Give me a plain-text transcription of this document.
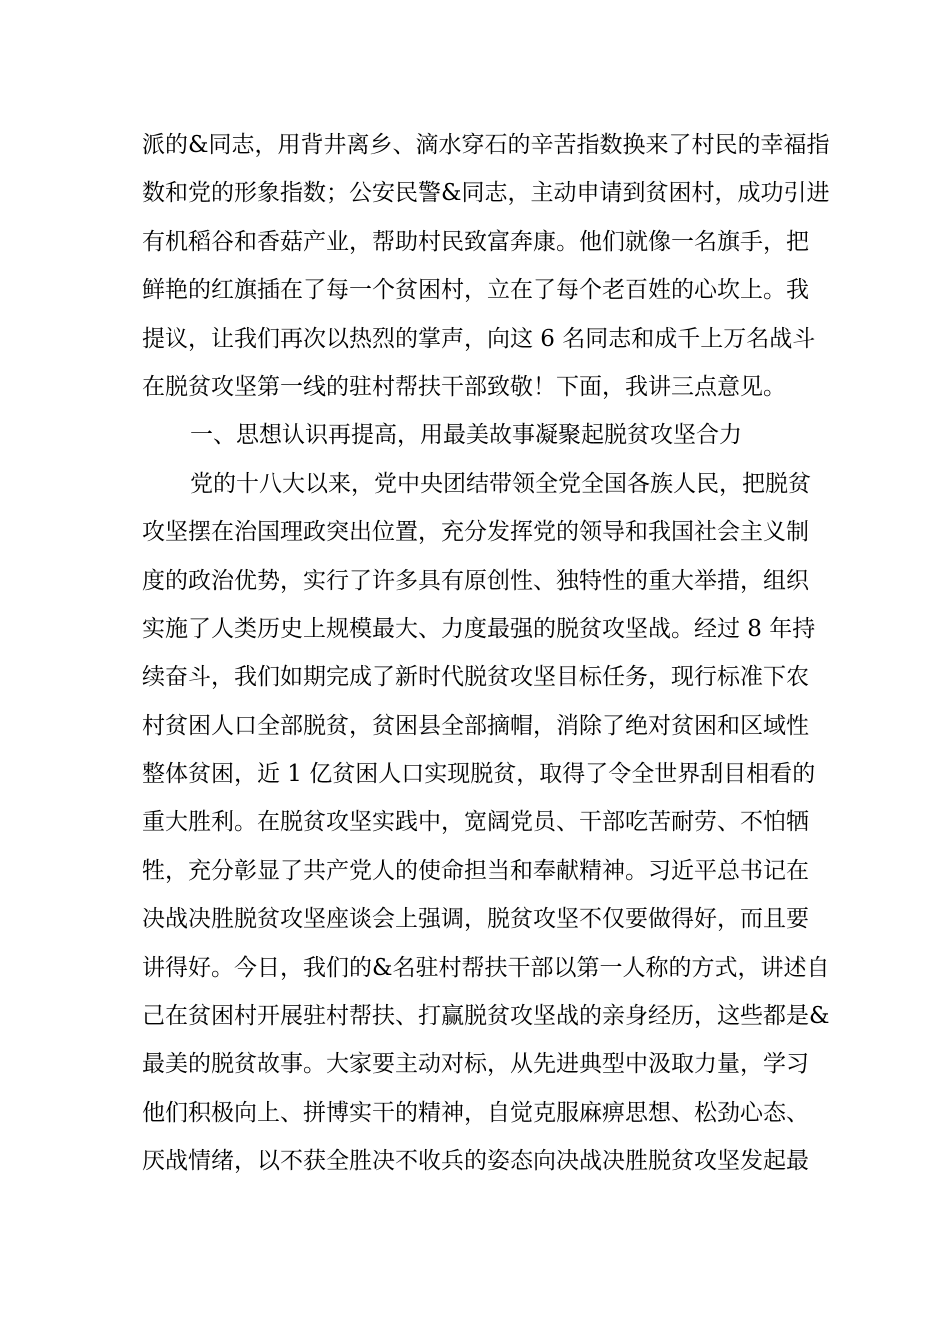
派的&同志，用背井离乡、滴水穿石的辛苦指数换来了村民的幸福指
数和党的形象指数；公安民警&同志，主动申请到贫困村，成功引进
有机稻谷和香菇产业，帮助村民致富奔康。他们就像一名旗手，把
鲜艳的红旗插在了每一个贫困村，立在了每个老百姓的心坎上。我
提议，让我们再次以热烈的掌声，向这 6 名同志和成千上万名战斗
在脱贫攻坚第一线的驻村帮扶干部致敬！下面，我讲三点意见。
一、思想认识再提高，用最美故事凝聚起脱贫攻坚合力
党的十八大以来，党中央团结带领全党全国各族人民，把脱贫
攻坚摆在治国理政突出位置，充分发挥党的领导和我国社会主义制
度的政治优势，实行了许多具有原创性、独特性的重大举措，组织
实施了人类历史上规模最大、力度最强的脱贫攻坚战。经过 8 年持
续奋斗，我们如期完成了新时代脱贫攻坚目标任务，现行标准下农
村贫困人口全部脱贫，贫困县全部摘帽，消除了绝对贫困和区域性
整体贫困，近 1 亿贫困人口实现脱贫，取得了令全世界刮目相看的
重大胜利。在脱贫攻坚实践中，宽阔党员、干部吃苦耐劳、不怕牺
牲，充分彰显了共产党人的使命担当和奉献精神。习近平总书记在
决战决胜脱贫攻坚座谈会上强调，脱贫攻坚不仅要做得好，而且要
讲得好。今日，我们的&名驻村帮扶干部以第一人称的方式，讲述自
己在贫困村开展驻村帮扶、打赢脱贫攻坚战的亲身经历，这些都是&
最美的脱贫故事。大家要主动对标，从先进典型中汲取力量，学习
他们积极向上、拼博实干的精神，自觉克服麻痹思想、松劲心态、
厌战情绪，以不获全胜决不收兵的姿态向决战决胜脱贫攻坚发起最
